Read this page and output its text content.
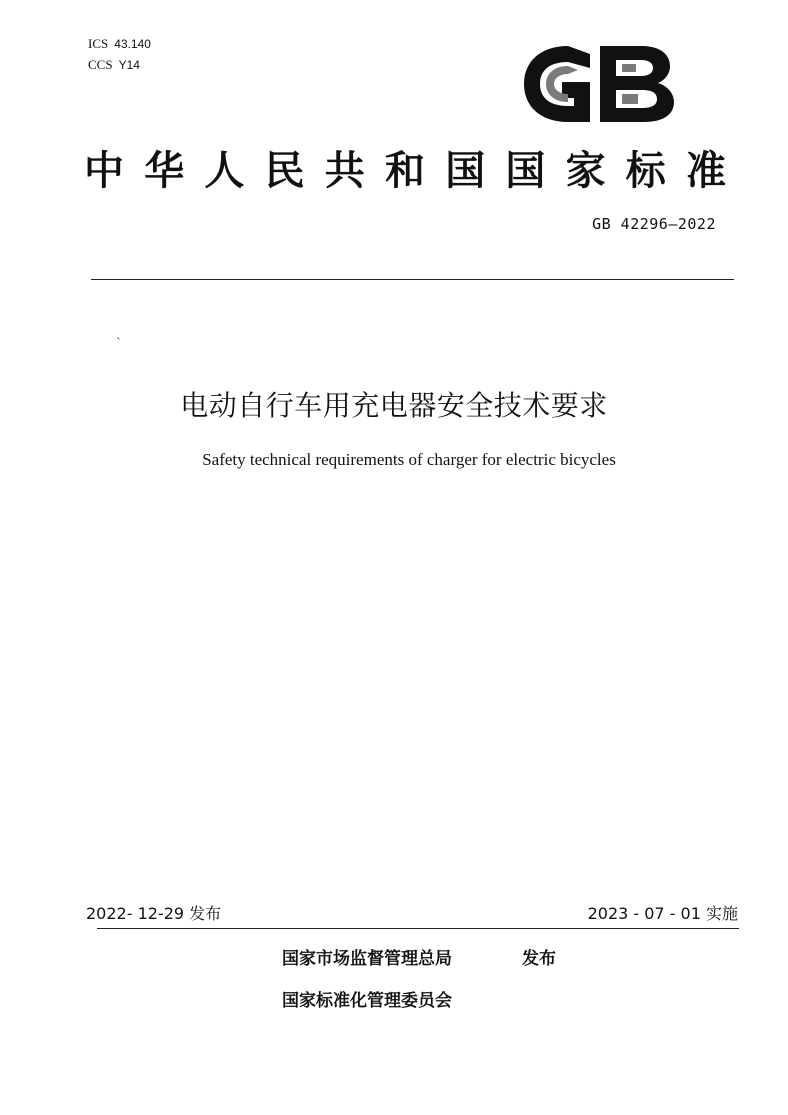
ICS 43.140
CCS Y14
中华人民共和国国家标准
GB 42296—2022
`
电动自行车用充电器安全技术要求
Safety technical requirements of charger for electric bicycles
2022- 12-29 发布	2023 - 07 - 01 实施
国家市场监督管理总局	发布
国家标准化管理委员会
